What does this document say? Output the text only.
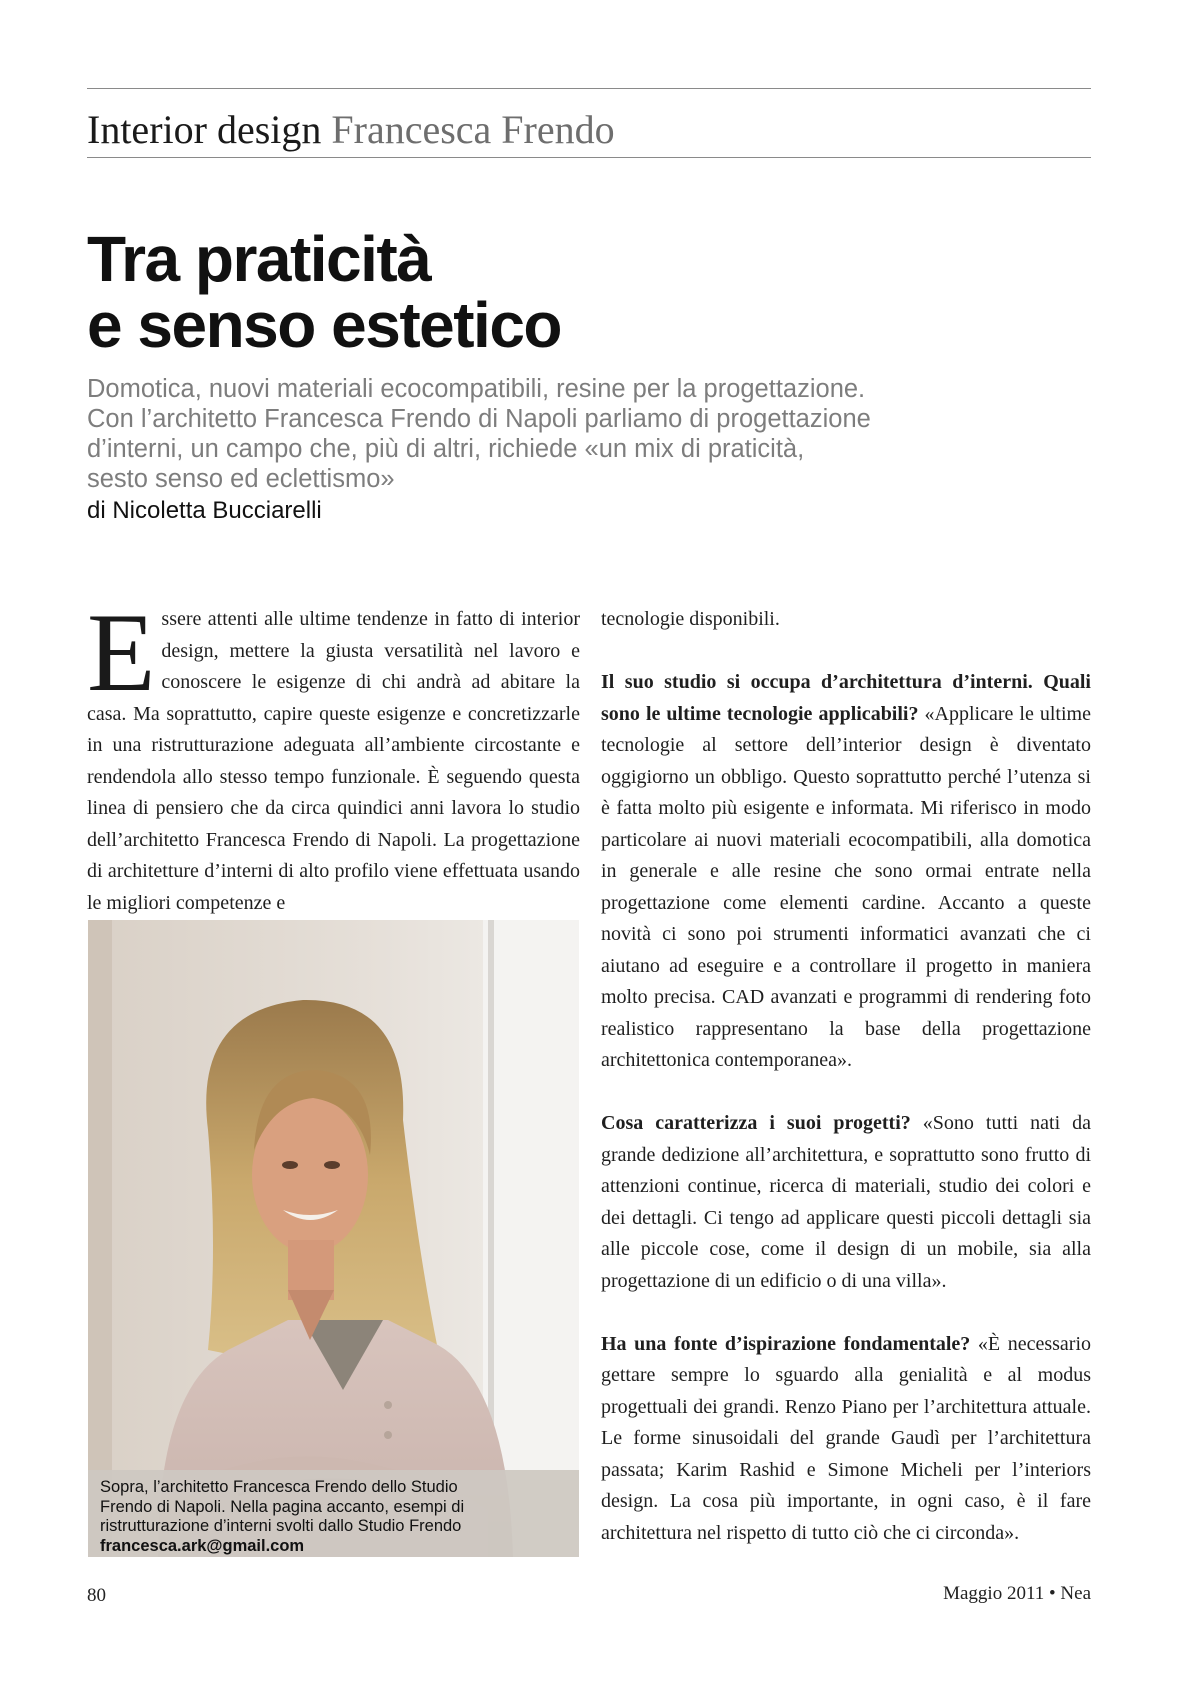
Interior design Francesca Frendo
Tra praticità
e senso estetico
Domotica, nuovi materiali ecocompatibili, resine per la progettazione.
Con l’architetto Francesca Frendo di Napoli parliamo di progettazione
d’interni, un campo che, più di altri, richiede «un mix di praticità,
sesto senso ed eclettismo»
di Nicoletta Bucciarelli

Essere attenti alle ultime tendenze in fatto di interior design, mettere la giusta versatilità nel lavoro e conoscere le esigenze di chi andrà ad abitare la casa. Ma soprattutto, capire queste esigenze e concretizzarle in una ristrutturazione adeguata all’ambiente circostante e rendendola allo stesso tempo funzionale. È seguendo questa linea di pensiero che da circa quindici anni lavora lo studio dell’architetto Francesca Frendo di Napoli. La progettazione di architetture d’interni di alto profilo viene effettuata usando le migliori competenze e

Sopra, l’architetto Francesca Frendo dello Studio
Frendo di Napoli. Nella pagina accanto, esempi di
ristrutturazione d’interni svolti dallo Studio Frendo
francesca.ark@gmail.com

tecnologie disponibili.

Il suo studio si occupa d’architettura d’interni. Quali sono le ultime tecnologie applicabili? «Applicare le ultime tecnologie al settore dell’interior design è diventato oggigiorno un obbligo. Questo soprattutto perché l’utenza si è fatta molto più esigente e informata. Mi riferisco in modo particolare ai nuovi materiali ecocompatibili, alla domotica in generale e alle resine che sono ormai entrate nella progettazione come elementi cardine. Accanto a queste novità ci sono poi strumenti informatici avanzati che ci aiutano ad eseguire e a controllare il progetto in maniera molto precisa. CAD avanzati e programmi di rendering foto realistico rappresentano la base della progettazione architettonica contemporanea».

Cosa caratterizza i suoi progetti? «Sono tutti nati da grande dedizione all’architettura, e soprattutto sono frutto di attenzioni continue, ricerca di materiali, studio dei colori e dei dettagli. Ci tengo ad applicare questi piccoli dettagli sia alle piccole cose, come il design di un mobile, sia alla progettazione di un edificio o di una villa».

Ha una fonte d’ispirazione fondamentale? «È necessario gettare sempre lo sguardo alla genialità e al modus progettuali dei grandi. Renzo Piano per l’architettura attuale. Le forme sinusoidali del grande Gaudì per l’architettura passata; Karim Rashid e Simone Micheli per l’interiors design. La cosa più importante, in ogni caso, è il fare architettura nel rispetto di tutto ciò che ci circonda».

80	Maggio 2011 • Nea
